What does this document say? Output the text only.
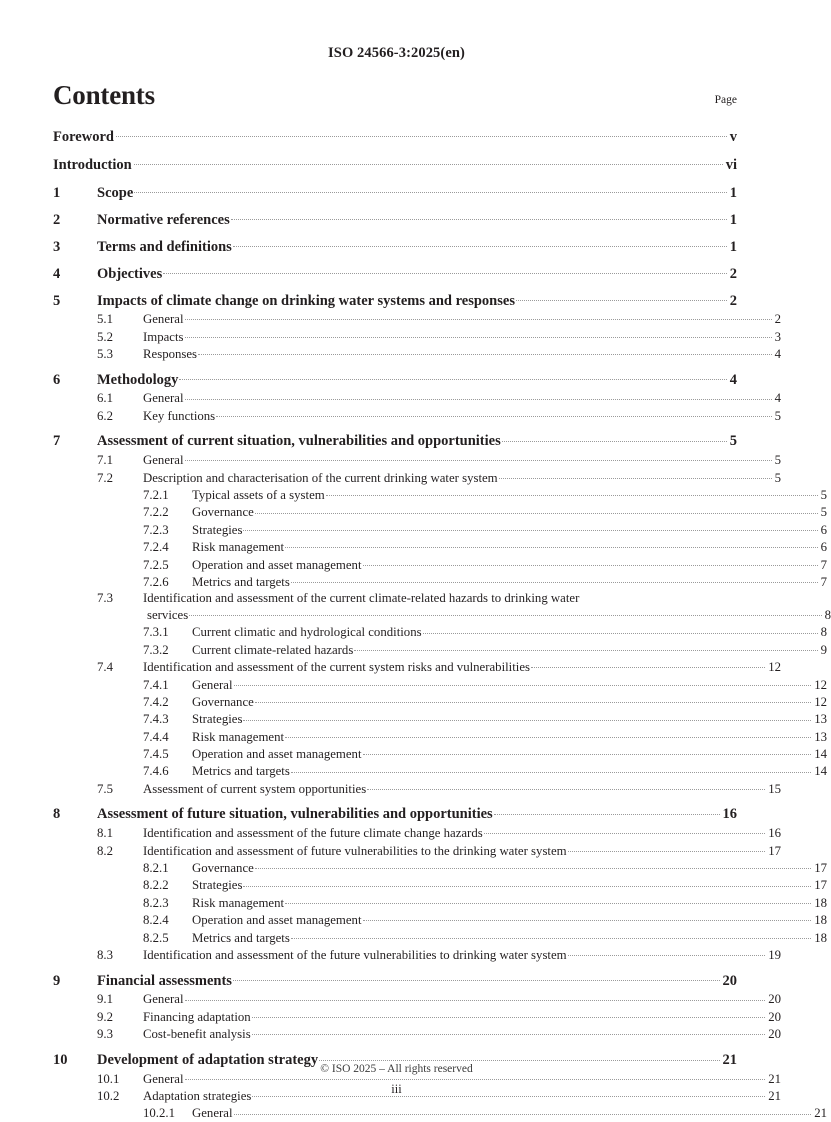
ISO 24566-3:2025(en)
Contents	Page
Foreword	v
Introduction	vi
1	Scope	1
2	Normative references	1
3	Terms and definitions	1
4	Objectives	2
5	Impacts of climate change on drinking water systems and responses	2
5.1	General	2
5.2	Impacts	3
5.3	Responses	4
6	Methodology	4
6.1	General	4
6.2	Key functions	5
7	Assessment of current situation, vulnerabilities and opportunities	5
7.1	General	5
7.2	Description and characterisation of the current drinking water system	5
7.2.1	Typical assets of a system	5
7.2.2	Governance	5
7.2.3	Strategies	6
7.2.4	Risk management	6
7.2.5	Operation and asset management	7
7.2.6	Metrics and targets	7
7.3	Identification and assessment of the current climate-related hazards to drinking water
services	8
7.3.1	Current climatic and hydrological conditions	8
7.3.2	Current climate-related hazards	9
7.4	Identification and assessment of the current system risks and vulnerabilities	12
7.4.1	General	12
7.4.2	Governance	12
7.4.3	Strategies	13
7.4.4	Risk management	13
7.4.5	Operation and asset management	14
7.4.6	Metrics and targets	14
7.5	Assessment of current system opportunities	15
8	Assessment of future situation, vulnerabilities and opportunities	16
8.1	Identification and assessment of the future climate change hazards	16
8.2	Identification and assessment of future vulnerabilities to the drinking water system	17
8.2.1	Governance	17
8.2.2	Strategies	17
8.2.3	Risk management	18
8.2.4	Operation and asset management	18
8.2.5	Metrics and targets	18
8.3	Identification and assessment of the future vulnerabilities to drinking water system	19
9	Financial assessments	20
9.1	General	20
9.2	Financing adaptation	20
9.3	Cost-benefit analysis	20
10	Development of adaptation strategy	21
10.1	General	21
10.2	Adaptation strategies	21
10.2.1	General	21
© ISO 2025 – All rights reserved
iii
